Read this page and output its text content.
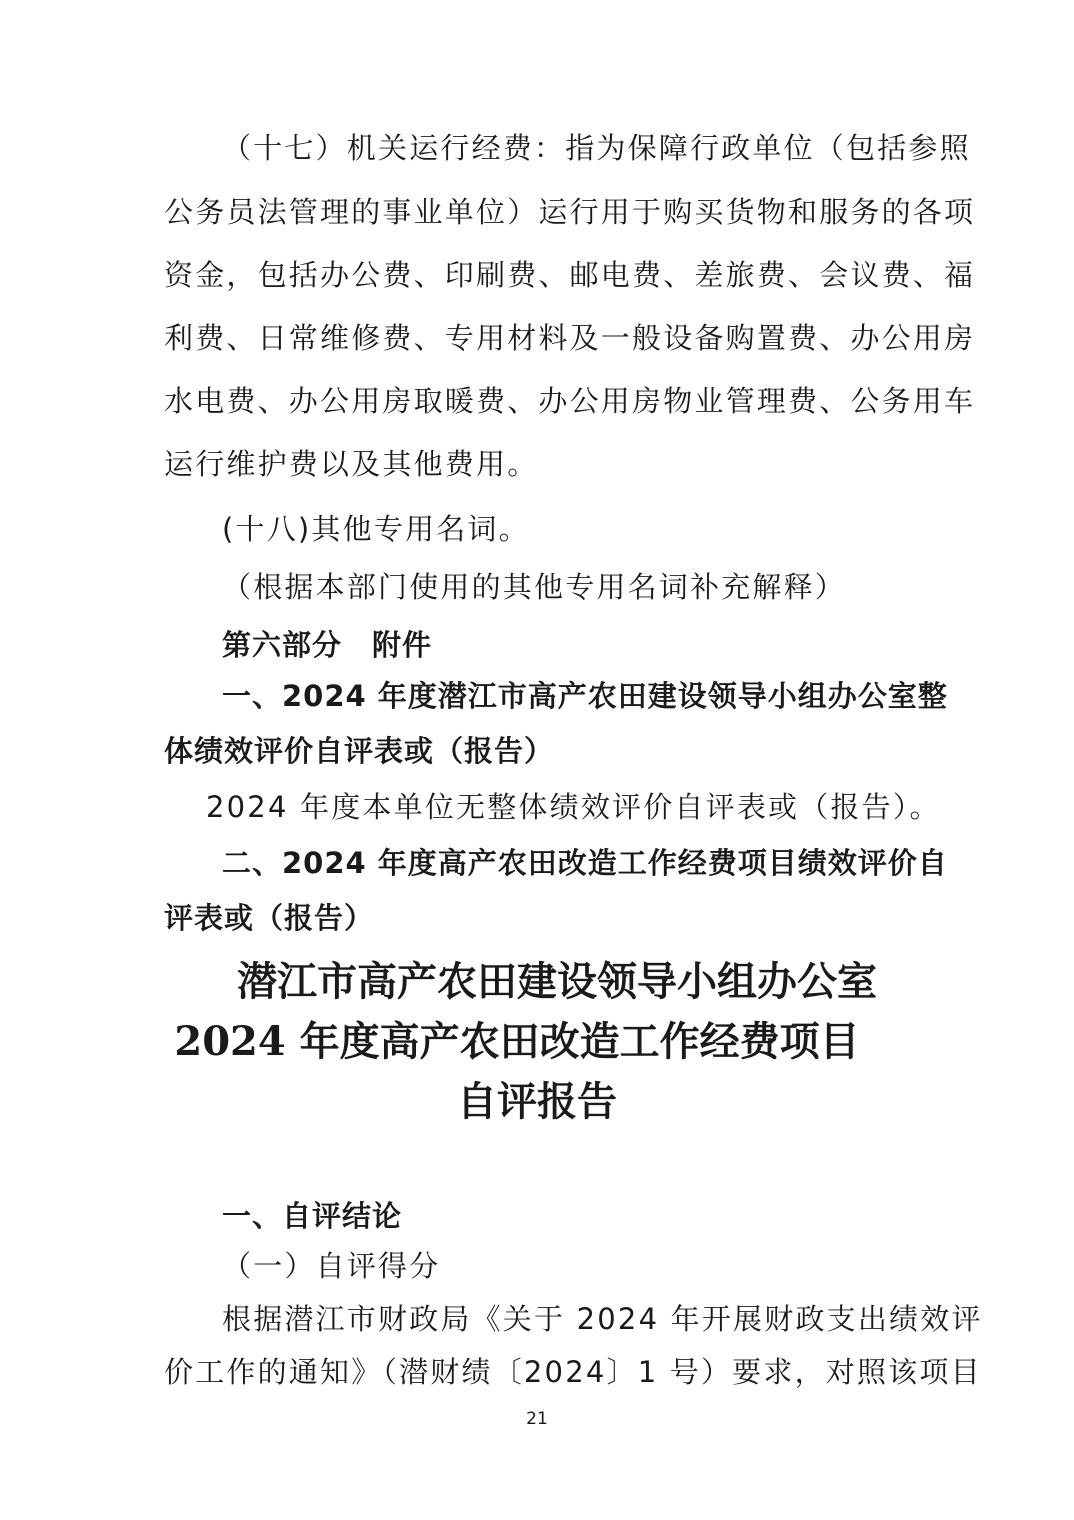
（十七）机关运行经费：指为保障行政单位（包括参照
公务员法管理的事业单位）运行用于购买货物和服务的各项
资金，包括办公费、印刷费、邮电费、差旅费、会议费、福
利费、日常维修费、专用材料及一般设备购置费、办公用房
水电费、办公用房取暖费、办公用房物业管理费、公务用车
运行维护费以及其他费用。
(十八)其他专用名词。
（根据本部门使用的其他专用名词补充解释）
第六部分　附件
一、2024 年度潜江市高产农田建设领导小组办公室整
体绩效评价自评表或（报告）
2024 年度本单位无整体绩效评价自评表或（报告）。
二、2024 年度高产农田改造工作经费项目绩效评价自
评表或（报告）
潜江市高产农田建设领导小组办公室
2024 年度高产农田改造工作经费项目
自评报告
一、自评结论
（一）自评得分
根据潜江市财政局《关于 2024 年开展财政支出绩效评
价工作的通知》（潜财绩〔2024〕1 号）要求，对照该项目
21
